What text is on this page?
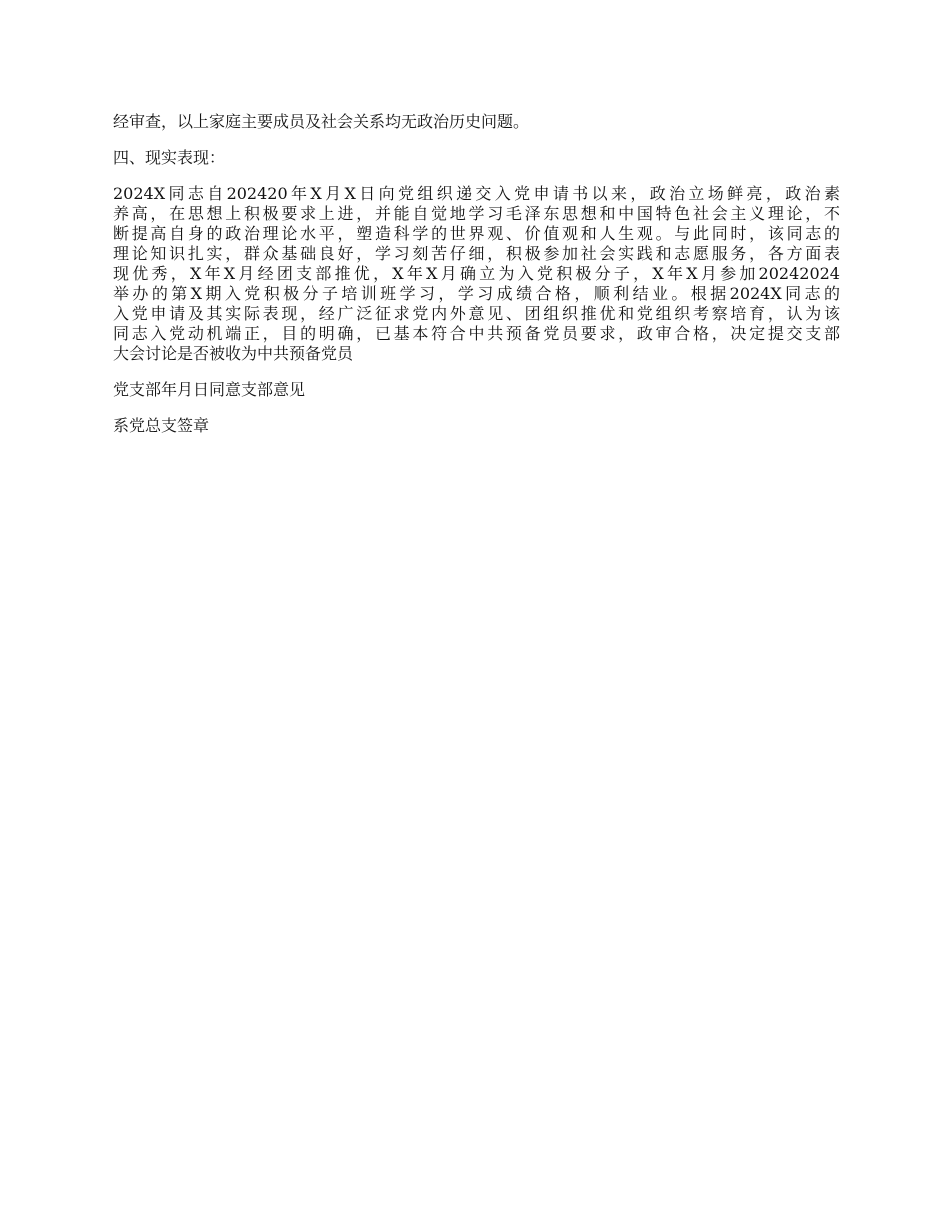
经审查，以上家庭主要成员及社会关系均无政治历史问题。

四、现实表现：

2024X同志自202420年X月X日向党组织递交入党申请书以来，政治立场鲜亮，政治素
养高，在思想上积极要求上进，并能自觉地学习毛泽东思想和中国特色社会主义理论，不
断提高自身的政治理论水平，塑造科学的世界观、价值观和人生观。与此同时，该同志的
理论知识扎实，群众基础良好，学习刻苦仔细，积极参加社会实践和志愿服务，各方面表
现优秀，X年X月经团支部推优，X年X月确立为入党积极分子，X年X月参加20242024
举办的第X期入党积极分子培训班学习，学习成绩合格，顺利结业。根据2024X同志的
入党申请及其实际表现，经广泛征求党内外意见、团组织推优和党组织考察培育，认为该
同志入党动机端正，目的明确，已基本符合中共预备党员要求，政审合格，决定提交支部
大会讨论是否被收为中共预备党员

党支部年月日同意支部意见

系党总支签章
